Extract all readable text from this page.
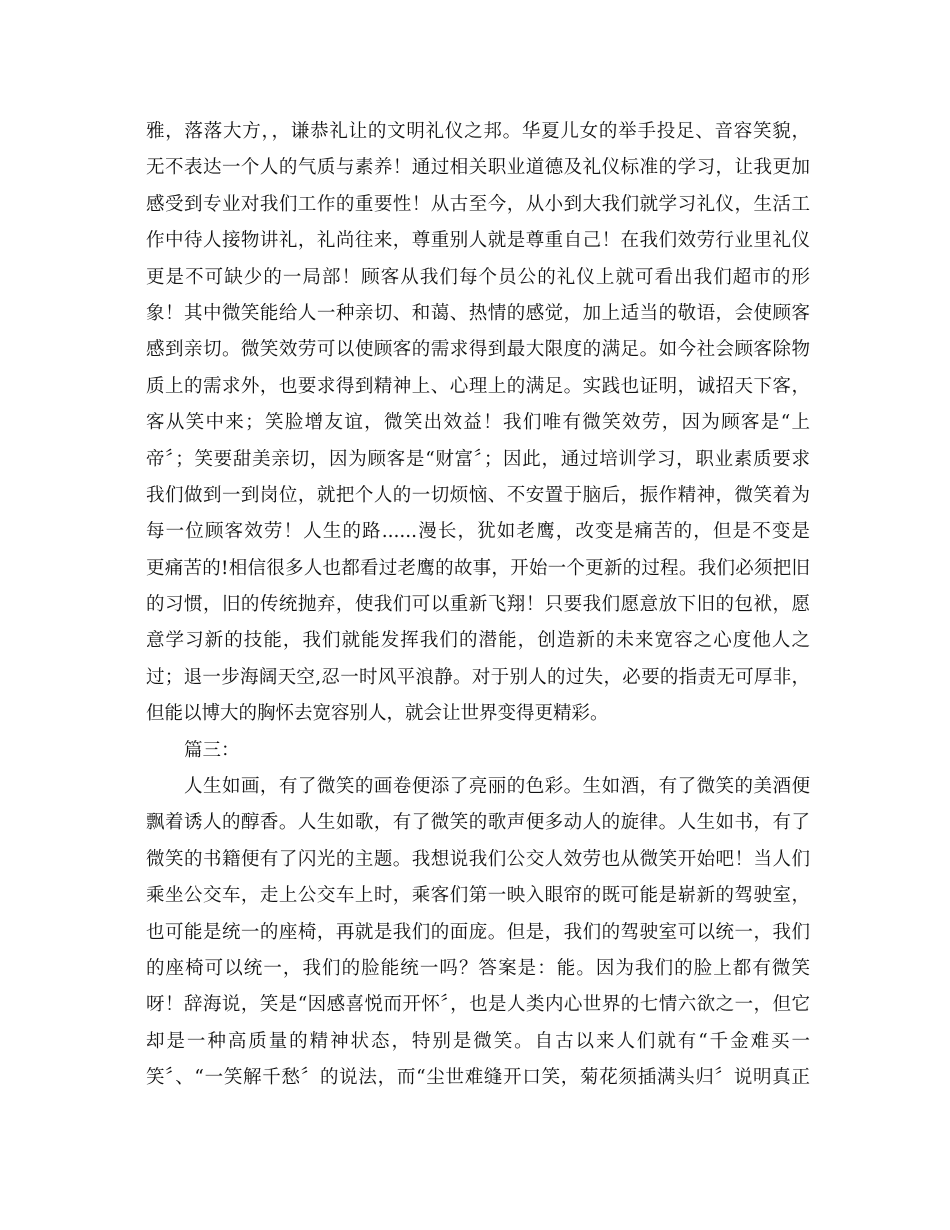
雅，落落大方，，谦恭礼让的文明礼仪之邦。华夏儿女的举手投足、音容笑貌，
无不表达一个人的气质与素养！通过相关职业道德及礼仪标准的学习，让我更加
感受到专业对我们工作的重要性！从古至今，从小到大我们就学习礼仪，生活工
作中待人接物讲礼，礼尚往来，尊重别人就是尊重自己！在我们效劳行业里礼仪
更是不可缺少的一局部！顾客从我们每个员公的礼仪上就可看出我们超市的形
象！其中微笑能给人一种亲切、和蔼、热情的感觉，加上适当的敬语，会使顾客
感到亲切。微笑效劳可以使顾客的需求得到最大限度的满足。如今社会顾客除物
质上的需求外，也要求得到精神上、心理上的满足。实践也证明，诚招天下客，
客从笑中来；笑脸增友谊，微笑出效益！我们唯有微笑效劳，因为顾客是“上
帝〞；笑要甜美亲切，因为顾客是“财富〞；因此，通过培训学习，职业素质要求
我们做到一到岗位，就把个人的一切烦恼、不安置于脑后，振作精神，微笑着为
每一位顾客效劳！人生的路......漫长，犹如老鹰，改变是痛苦的，但是不变是
更痛苦的!相信很多人也都看过老鹰的故事，开始一个更新的过程。我们必须把旧
的习惯，旧的传统抛弃，使我们可以重新飞翔！只要我们愿意放下旧的包袱，愿
意学习新的技能，我们就能发挥我们的潜能，创造新的未来宽容之心度他人之
过；退一步海阔天空,忍一时风平浪静。对于别人的过失，必要的指责无可厚非，
但能以博大的胸怀去宽容别人，就会让世界变得更精彩。
篇三：
人生如画，有了微笑的画卷便添了亮丽的色彩。生如酒，有了微笑的美酒便
飘着诱人的醇香。人生如歌，有了微笑的歌声便多动人的旋律。人生如书，有了
微笑的书籍便有了闪光的主题。我想说我们公交人效劳也从微笑开始吧！当人们
乘坐公交车，走上公交车上时，乘客们第一映入眼帘的既可能是崭新的驾驶室，
也可能是统一的座椅，再就是我们的面庞。但是，我们的驾驶室可以统一，我们
的座椅可以统一，我们的脸能统一吗？答案是：能。因为我们的脸上都有微笑
呀！辞海说，笑是“因感喜悦而开怀〞，也是人类内心世界的七情六欲之一，但它
却是一种高质量的精神状态，特别是微笑。自古以来人们就有“千金难买一
笑〞、“一笑解千愁〞的说法，而“尘世难缝开口笑，菊花须插满头归〞说明真正
